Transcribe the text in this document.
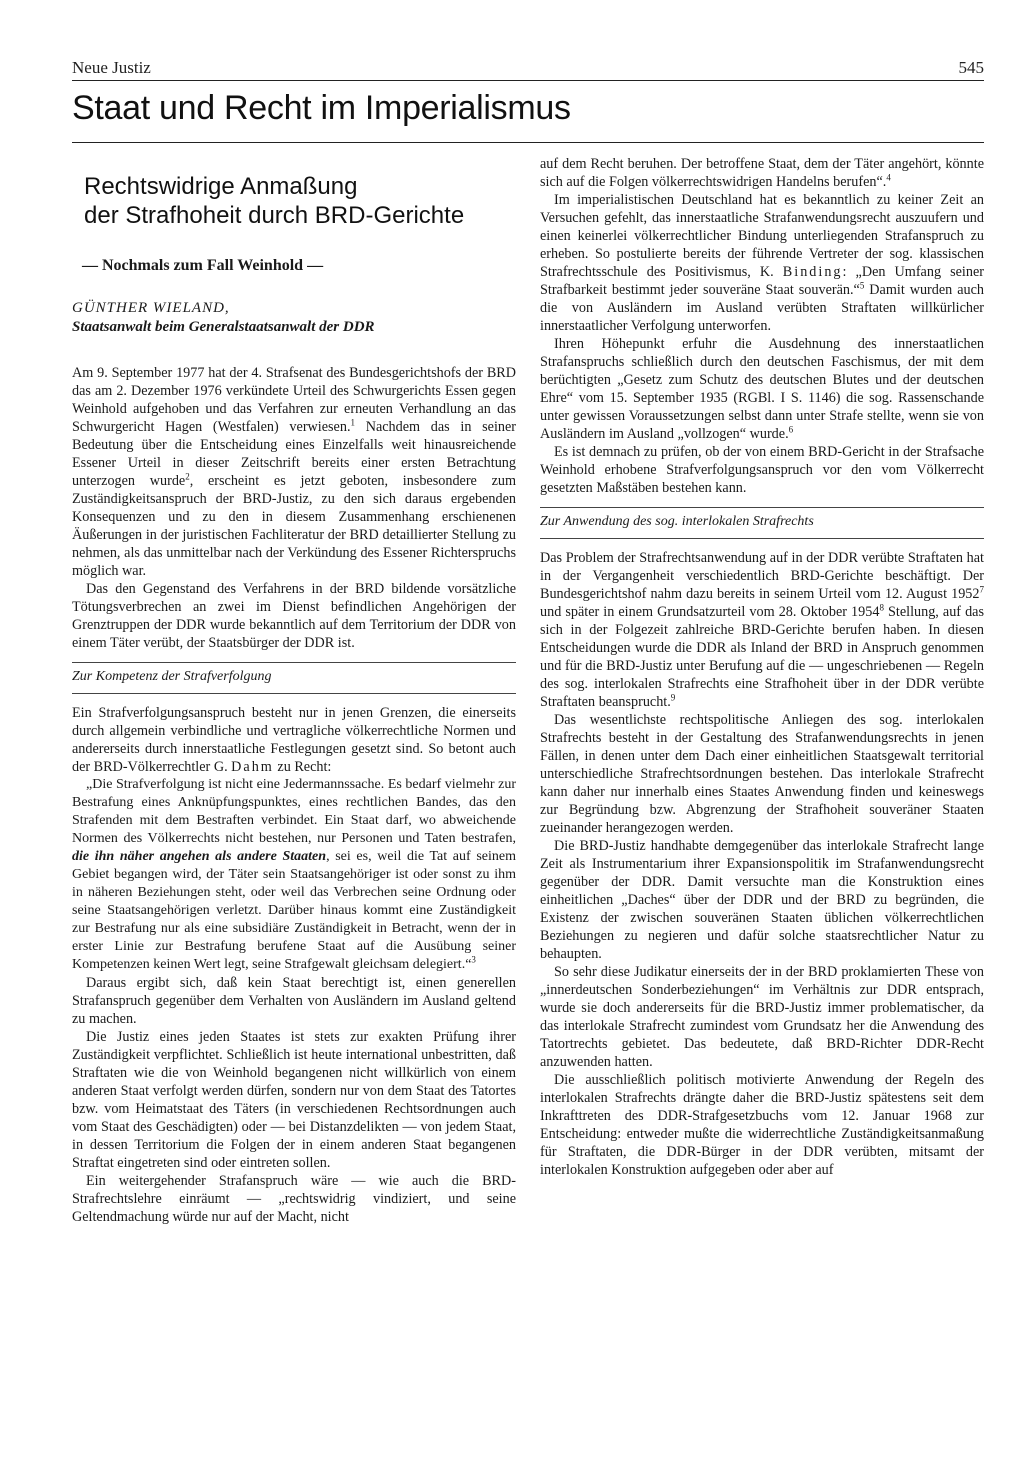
Neue Justiz	545
Staat und Recht im Imperialismus
Rechtswidrige Anmaßung
der Strafhoheit durch BRD-Gerichte
— Nochmals zum Fall Weinhold —
GÜNTHER WIELAND,
Staatsanwalt beim Generalstaatsanwalt der DDR

Am 9. September 1977 hat der 4. Strafsenat des Bundesgerichtshofs der BRD das am 2. Dezember 1976 verkündete Urteil des Schwurgerichts Essen gegen Weinhold aufgehoben und das Verfahren zur erneuten Verhandlung an das Schwurgericht Hagen (Westfalen) verwiesen.$^1$ Nachdem das in seiner Bedeutung über die Entscheidung eines Einzelfalls weit hinausreichende Essener Urteil in dieser Zeitschrift bereits einer ersten Betrachtung unterzogen wurde$^2$, erscheint es jetzt geboten, insbesondere zum Zuständigkeitsanspruch der BRD-Justiz, zu den sich daraus ergebenden Konsequenzen und zu den in diesem Zusammenhang erschienenen Äußerungen in der juristischen Fachliteratur der BRD detaillierter Stellung zu nehmen, als das unmittelbar nach der Verkündung des Essener Richterspruchs möglich war.

Das den Gegenstand des Verfahrens in der BRD bildende vorsätzliche Tötungsverbrechen an zwei im Dienst befindlichen Angehörigen der Grenztruppen der DDR wurde bekanntlich auf dem Territorium der DDR von einem Täter verübt, der Staatsbürger der DDR ist.

Zur Kompetenz der Strafverfolgung

Ein Strafverfolgungsanspruch besteht nur in jenen Grenzen, die einerseits durch allgemein verbindliche und vertragliche völkerrechtliche Normen und andererseits durch innerstaatliche Festlegungen gesetzt sind. So betont auch der BRD-Völkerrechtler G. Dahm zu Recht:

„Die Strafverfolgung ist nicht eine Jedermannssache. Es bedarf vielmehr zur Bestrafung eines Anknüpfungspunktes, eines rechtlichen Bandes, das den Strafenden mit dem Bestraften verbindet. Ein Staat darf, wo abweichende Normen des Völkerrechts nicht bestehen, nur Personen und Taten bestrafen, die ihn näher angehen als andere Staaten, sei es, weil die Tat auf seinem Gebiet begangen wird, der Täter sein Staatsangehöriger ist oder sonst zu ihm in näheren Beziehungen steht, oder weil das Verbrechen seine Ordnung oder seine Staatsangehörigen verletzt. Darüber hinaus kommt eine Zuständigkeit zur Bestrafung nur als eine subsidiäre Zuständigkeit in Betracht, wenn der in erster Linie zur Bestrafung berufene Staat auf die Ausübung seiner Kompetenzen keinen Wert legt, seine Strafgewalt gleichsam delegiert.“$^3$

Daraus ergibt sich, daß kein Staat berechtigt ist, einen generellen Strafanspruch gegenüber dem Verhalten von Ausländern im Ausland geltend zu machen.

Die Justiz eines jeden Staates ist stets zur exakten Prüfung ihrer Zuständigkeit verpflichtet. Schließlich ist heute international unbestritten, daß Straftaten wie die von Weinhold begangenen nicht willkürlich von einem anderen Staat verfolgt werden dürfen, sondern nur von dem Staat des Tatortes bzw. vom Heimatstaat des Täters (in verschiedenen Rechtsordnungen auch vom Staat des Geschädigten) oder — bei Distanzdelikten — von jedem Staat, in dessen Territorium die Folgen der in einem anderen Staat begangenen Straftat eingetreten sind oder eintreten sollen.

Ein weitergehender Strafanspruch wäre — wie auch die BRD-Strafrechtslehre einräumt — „rechtswidrig vindiziert, und seine Geltendmachung würde nur auf der Macht, nicht

auf dem Recht beruhen. Der betroffene Staat, dem der Täter angehört, könnte sich auf die Folgen völkerrechtswidrigen Handelns berufen“.$^4$

Im imperialistischen Deutschland hat es bekanntlich zu keiner Zeit an Versuchen gefehlt, das innerstaatliche Strafanwendungsrecht auszuufern und einen keinerlei völkerrechtlicher Bindung unterliegenden Strafanspruch zu erheben. So postulierte bereits der führende Vertreter der sog. klassischen Strafrechtsschule des Positivismus, K. Binding: „Den Umfang seiner Strafbarkeit bestimmt jeder souveräne Staat souverän.“$^5$ Damit wurden auch die von Ausländern im Ausland verübten Straftaten willkürlicher innerstaatlicher Verfolgung unterworfen.

Ihren Höhepunkt erfuhr die Ausdehnung des innerstaatlichen Strafanspruchs schließlich durch den deutschen Faschismus, der mit dem berüchtigten „Gesetz zum Schutz des deutschen Blutes und der deutschen Ehre“ vom 15. September 1935 (RGBl. I S. 1146) die sog. Rassenschande unter gewissen Voraussetzungen selbst dann unter Strafe stellte, wenn sie von Ausländern im Ausland „vollzogen“ wurde.$^6$

Es ist demnach zu prüfen, ob der von einem BRD-Gericht in der Strafsache Weinhold erhobene Strafverfolgungsanspruch vor den vom Völkerrecht gesetzten Maßstäben bestehen kann.

Zur Anwendung des sog. interlokalen Strafrechts

Das Problem der Strafrechtsanwendung auf in der DDR verübte Straftaten hat in der Vergangenheit verschiedentlich BRD-Gerichte beschäftigt. Der Bundesgerichtshof nahm dazu bereits in seinem Urteil vom 12. August 1952$^7$ und später in einem Grundsatzurteil vom 28. Oktober 1954$^8$ Stellung, auf das sich in der Folgezeit zahlreiche BRD-Gerichte berufen haben. In diesen Entscheidungen wurde die DDR als Inland der BRD in Anspruch genommen und für die BRD-Justiz unter Berufung auf die — ungeschriebenen — Regeln des sog. interlokalen Strafrechts eine Strafhoheit über in der DDR verübte Straftaten beansprucht.$^9$

Das wesentlichste rechtspolitische Anliegen des sog. interlokalen Strafrechts besteht in der Gestaltung des Strafanwendungsrechts in jenen Fällen, in denen unter dem Dach einer einheitlichen Staatsgewalt territorial unterschiedliche Strafrechtsordnungen bestehen. Das interlokale Strafrecht kann daher nur innerhalb eines Staates Anwendung finden und keineswegs zur Begründung bzw. Abgrenzung der Strafhoheit souveräner Staaten zueinander herangezogen werden.

Die BRD-Justiz handhabte demgegenüber das interlokale Strafrecht lange Zeit als Instrumentarium ihrer Expansionspolitik im Strafanwendungsrecht gegenüber der DDR. Damit versuchte man die Konstruktion eines einheitlichen „Daches“ über der DDR und der BRD zu begründen, die Existenz der zwischen souveränen Staaten üblichen völkerrechtlichen Beziehungen zu negieren und dafür solche staatsrechtlicher Natur zu behaupten.

So sehr diese Judikatur einerseits der in der BRD proklamierten These von „innerdeutschen Sonderbeziehungen“ im Verhältnis zur DDR entsprach, wurde sie doch andererseits für die BRD-Justiz immer problematischer, da das interlokale Strafrecht zumindest vom Grundsatz her die Anwendung des Tatortrechts gebietet. Das bedeutete, daß BRD-Richter DDR-Recht anzuwenden hatten.

Die ausschließlich politisch motivierte Anwendung der Regeln des interlokalen Strafrechts drängte daher die BRD-Justiz spätestens seit dem Inkrafttreten des DDR-Strafgesetzbuchs vom 12. Januar 1968 zur Entscheidung: entweder mußte die widerrechtliche Zuständigkeitsanmaßung für Straftaten, die DDR-Bürger in der DDR verübten, mitsamt der interlokalen Konstruktion aufgegeben oder aber auf
